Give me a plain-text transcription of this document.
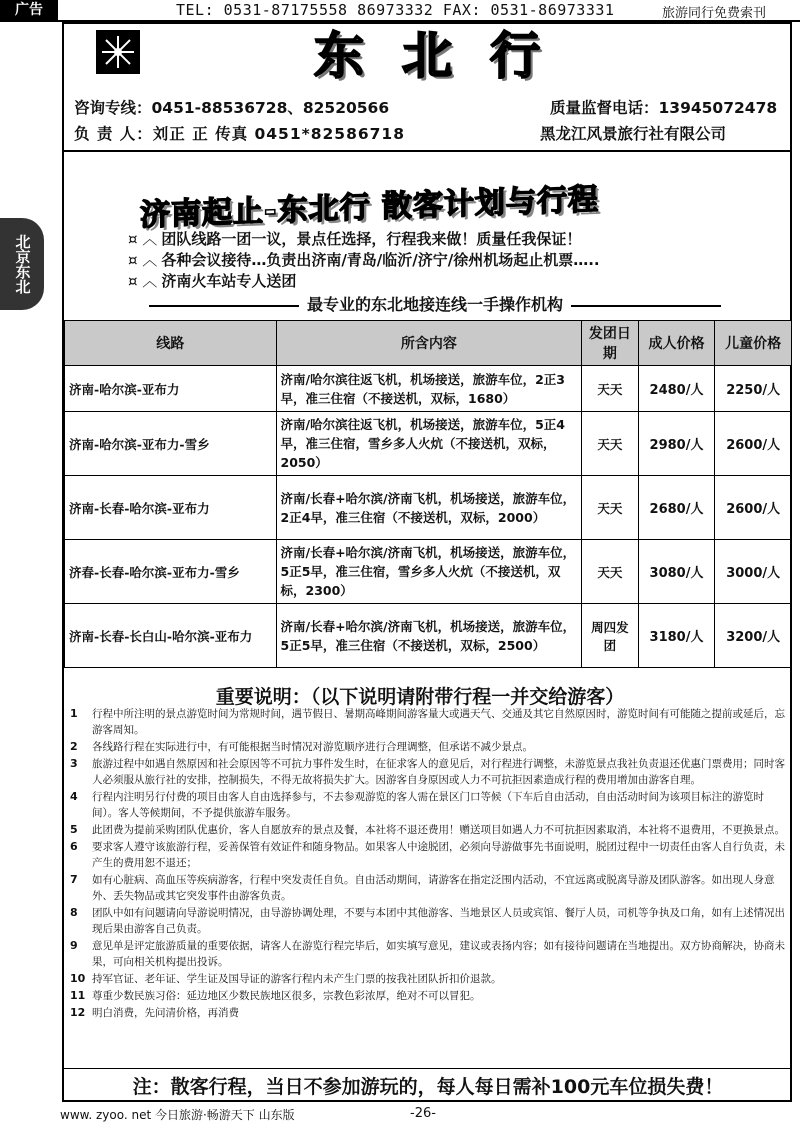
广告	TEL: 0531-87175558 86973332 FAX: 0531-86973331	旅游同行免费索刊
北京东北
东北行
咨询专线：0451-88536728、82520566	质量监督电话：13945072478
负 责 人：刘正 正 传真 0451*82586718	黑龙江风景旅行社有限公司
济南起止-东北行 散客计划与行程
¤ ︿ 团队线路一团一议，景点任选择，行程我来做！质量任我保证！
¤ ︿ 各种会议接待…负责出济南/青岛/临沂/济宁/徐州机场起止机票…..
¤ ︿ 济南火车站专人送团
最专业的东北地接连线一手操作机构
线路	所含内容	发团日期	成人价格	儿童价格
济南-哈尔滨-亚布力	济南/哈尔滨往返飞机，机场接送，旅游车位，2正3早，准三住宿（不接送机，双标，1680）	天天	2480/人	2250/人
济南-哈尔滨-亚布力-雪乡	济南/哈尔滨往返飞机，机场接送，旅游车位，5正4早，准三住宿，雪乡多人火炕（不接送机，双标，2050）	天天	2980/人	2600/人
济南-长春-哈尔滨-亚布力	济南/长春+哈尔滨/济南飞机，机场接送，旅游车位，2正4早，准三住宿（不接送机，双标，2000）	天天	2680/人	2600/人
济春-长春-哈尔滨-亚布力-雪乡	济南/长春+哈尔滨/济南飞机，机场接送，旅游车位，5正5早，准三住宿，雪乡多人火炕（不接送机，双标，2300）	天天	3080/人	3000/人
济南-长春-长白山-哈尔滨-亚布力	济南/长春+哈尔滨/济南飞机，机场接送，旅游车位，5正5早，准三住宿（不接送机，双标，2500）	周四发团	3180/人	3200/人
重要说明：（以下说明请附带行程一并交给游客）
1	行程中所注明的景点游览时间为常规时间，遇节假日、暑期高峰期间游客量大或遇天气、交通及其它自然原因时，游览时间有可能随之提前或延后，忘游客周知。
2	各线路行程在实际进行中，有可能根据当时情况对游览顺序进行合理调整，但承诺不减少景点。
3	旅游过程中如遇自然原因和社会原因等不可抗力事件发生时，在征求客人的意见后，对行程进行调整，未游览景点我社负责退还优惠门票费用；同时客人必须服从旅行社的安排，控制损失，不得无故将损失扩大。因游客自身原因或人力不可抗拒因素造成行程的费用增加由游客自理。
4	行程内注明另行付费的项目由客人自由选择参与，不去参观游览的客人需在景区门口等候（下车后自由活动，自由活动时间为该项目标注的游览时间）。客人等候期间，不予提供旅游车服务。
5	此团费为提前采购团队优惠价，客人自愿放弃的景点及餐，本社将不退还费用！赠送项目如遇人力不可抗拒因素取消，本社将不退费用，不更换景点。
6	要求客人遵守该旅游行程，妥善保管有效证件和随身物品。如果客人中途脱团，必须向导游做事先书面说明，脱团过程中一切责任由客人自行负责，未产生的费用恕不退还；
7	如有心脏病、高血压等疾病游客，行程中突发责任自负。自由活动期间，请游客在指定泛围内活动，不宜远离或脱离导游及团队游客。如出现人身意外、丢失物品或其它突发事件由游客负责。
8	团队中如有问题请向导游说明情况，由导游协调处理，不要与本团中其他游客、当地景区人员或宾馆、餐厅人员，司机等争执及口角，如有上述情况出现后果由游客自己负责。
9	意见单是评定旅游质量的重要依据，请客人在游览行程完毕后，如实填写意见，建议或表扬内容；如有接待问题请在当地提出。双方协商解决，协商未果，可向相关机构提出投诉。
10 持军官证、老年证、学生证及国导证的游客行程内未产生门票的按我社团队折扣价退款。
11 尊重少数民族习俗：延边地区少数民族地区很多，宗教色彩浓厚，绝对不可以冒犯。
12 明白消费，先问清价格，再消费
注：散客行程，当日不参加游玩的，每人每日需补100元车位损失费！
www. zyoo. net 今日旅游·畅游天下 山东版	-26-
